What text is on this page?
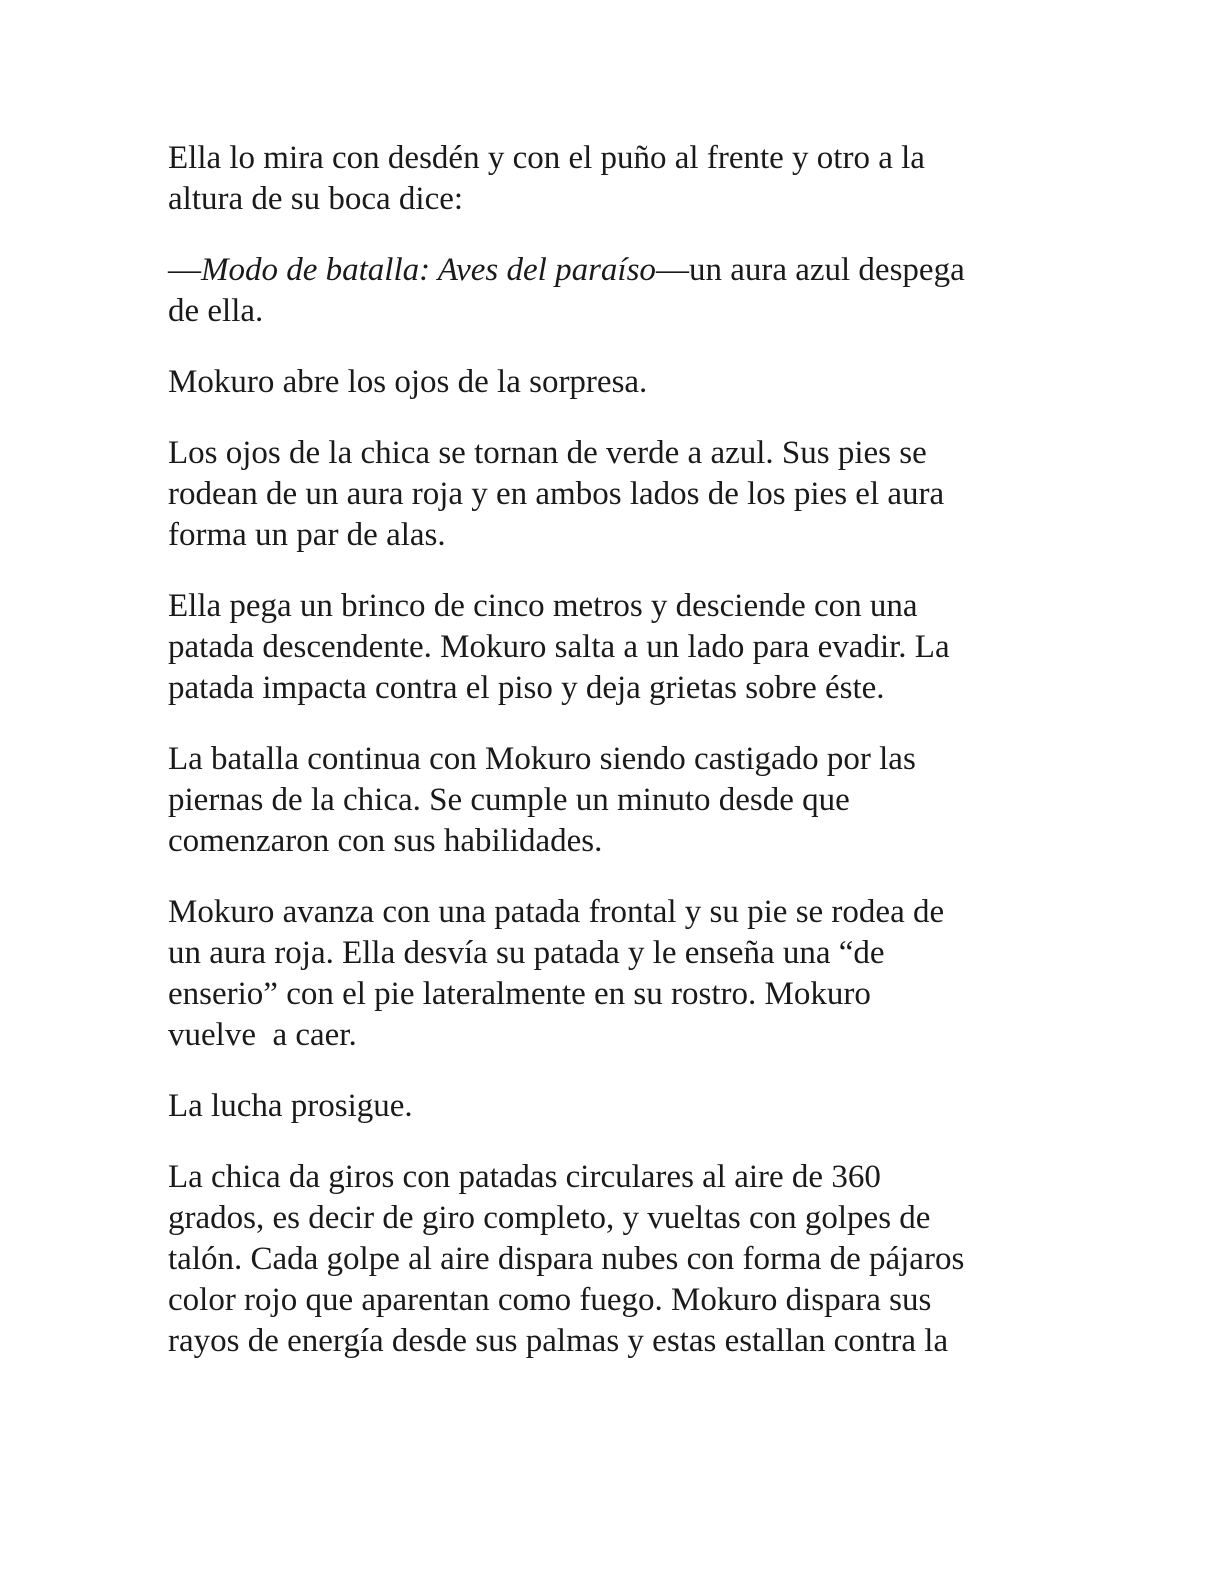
Ella lo mira con desdén y con el puño al frente y otro a la
altura de su boca dice:

—Modo de batalla: Aves del paraíso—un aura azul despega
de ella.

Mokuro abre los ojos de la sorpresa.

Los ojos de la chica se tornan de verde a azul. Sus pies se
rodean de un aura roja y en ambos lados de los pies el aura
forma un par de alas.

Ella pega un brinco de cinco metros y desciende con una
patada descendente. Mokuro salta a un lado para evadir. La
patada impacta contra el piso y deja grietas sobre éste.

La batalla continua con Mokuro siendo castigado por las
piernas de la chica. Se cumple un minuto desde que
comenzaron con sus habilidades.

Mokuro avanza con una patada frontal y su pie se rodea de
un aura roja. Ella desvía su patada y le enseña una “de
enserio” con el pie lateralmente en su rostro. Mokuro
vuelve  a caer.

La lucha prosigue.

La chica da giros con patadas circulares al aire de 360
grados, es decir de giro completo, y vueltas con golpes de
talón. Cada golpe al aire dispara nubes con forma de pájaros
color rojo que aparentan como fuego. Mokuro dispara sus
rayos de energía desde sus palmas y estas estallan contra la
